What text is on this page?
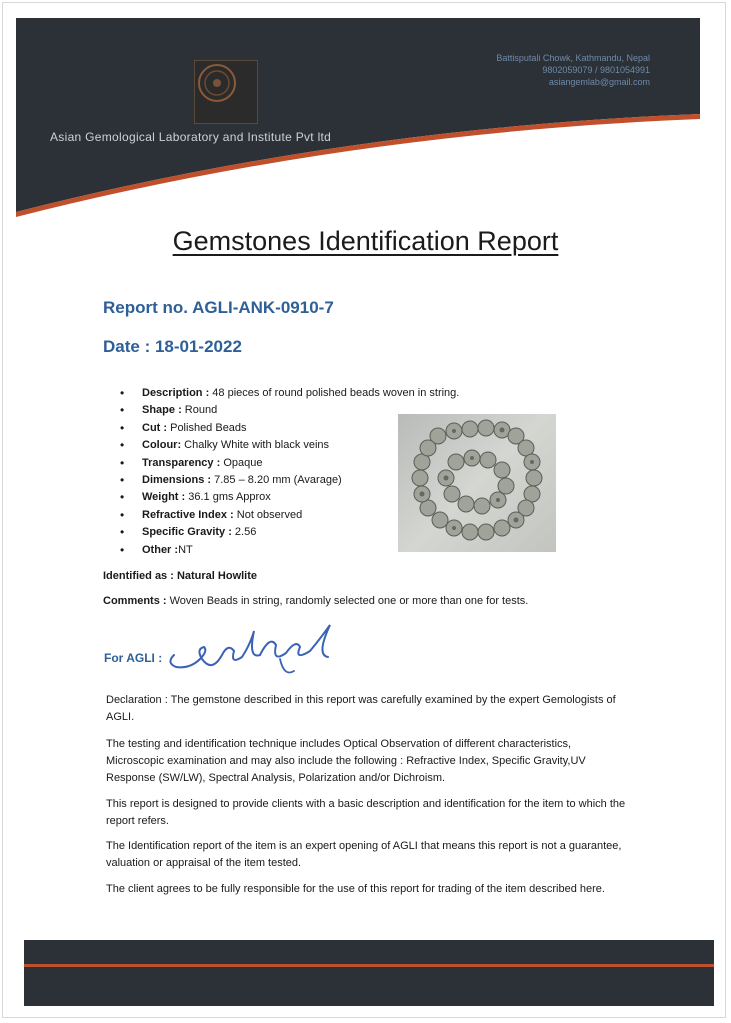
Battisputali Chowk, Kathmandu, Nepal
9802059079 / 9801054991
asiangemlab@gmail.com
Asian Gemological Laboratory and Institute Pvt ltd
Gemstones Identification Report
Report no. AGLI-ANK-0910-7
Date : 18-01-2022
• Description : 48 pieces of round polished beads woven in string.
• Shape : Round
• Cut : Polished Beads
• Colour: Chalky White with black veins
• Transparency : Opaque
• Dimensions : 7.85 – 8.20 mm (Avarage)
• Weight : 36.1 gms Approx
• Refractive Index : Not observed
• Specific Gravity : 2.56
• Other :NT
Identified as : Natural Howlite
Comments : Woven Beads in string, randomly selected one or more than one for tests.
For AGLI :
Declaration : The gemstone described in this report was carefully examined by the expert Gemologists of AGLI.
The testing and identification technique includes Optical Observation of different characteristics, Microscopic examination and may also include the following : Refractive Index, Specific Gravity,UV Response (SW/LW), Spectral Analysis, Polarization and/or Dichroism.
This report is designed to provide clients with a basic description and identification for the item to which the report refers.
The Identification report of the item is an expert opening of AGLI that means this report is not a guarantee, valuation or appraisal of the item tested.
The client agrees to be fully responsible for the use of this report for trading of the item described here.
